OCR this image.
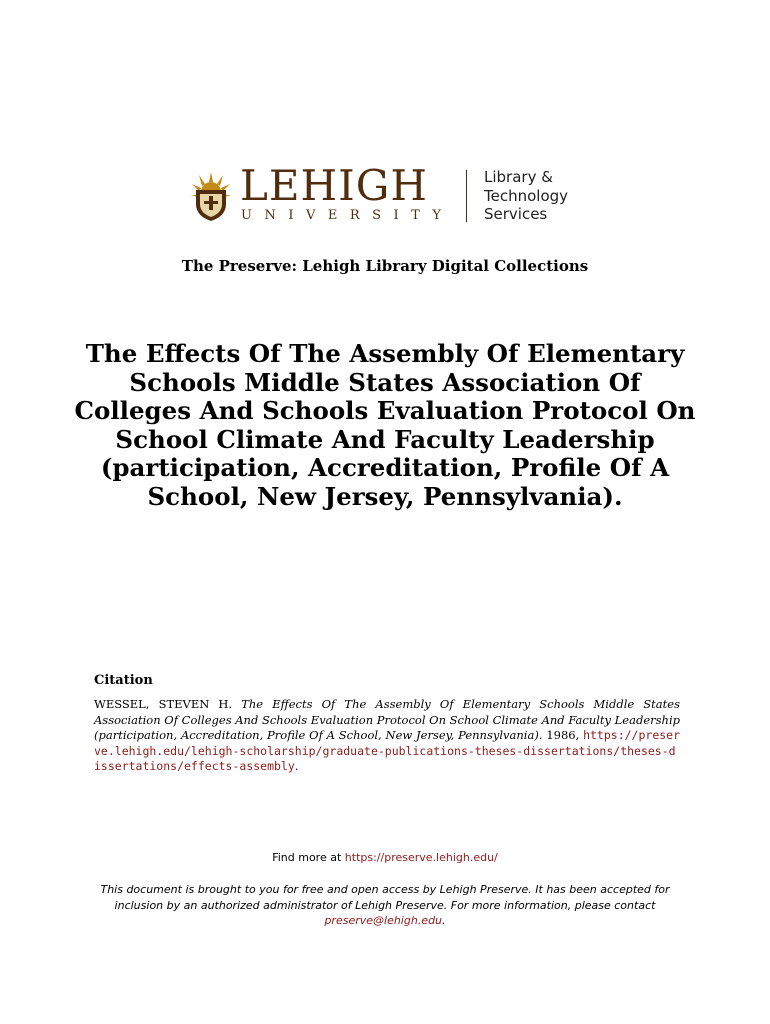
LEHIGH
UNIVERSITY
Library &
Technology
Services
The Preserve: Lehigh Library Digital Collections
The Effects Of The Assembly Of Elementary Schools Middle States Association Of Colleges And Schools Evaluation Protocol On School Climate And Faculty Leadership (participation, Accreditation, Profile Of A School, New Jersey, Pennsylvania).
Citation
WESSEL, STEVEN H. The Effects Of The Assembly Of Elementary Schools Middle States Association Of Colleges And Schools Evaluation Protocol On School Climate And Faculty Leadership (participation, Accreditation, Profile Of A School, New Jersey, Pennsylvania). 1986, https://preserve.lehigh.edu/lehigh-scholarship/graduate-publications-theses-dissertations/theses-dissertations/effects-assembly.
Find more at https://preserve.lehigh.edu/
This document is brought to you for free and open access by Lehigh Preserve. It has been accepted for inclusion by an authorized administrator of Lehigh Preserve. For more information, please contact
preserve@lehigh.edu.
